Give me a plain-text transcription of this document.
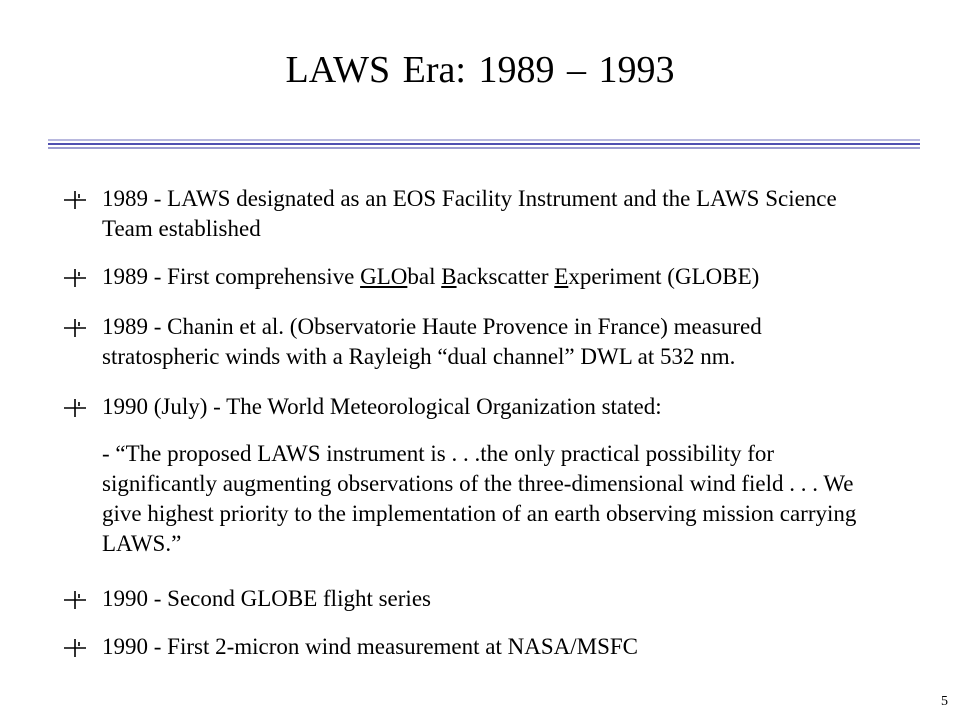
LAWS Era: 1989 – 1993
1989 - LAWS designated as an EOS Facility Instrument and the LAWS Science Team established
1989 - First comprehensive GLObal Backscatter Experiment (GLOBE)
1989 - Chanin et al. (Observatorie Haute Provence in France) measured stratospheric winds with a Rayleigh “dual channel” DWL at 532 nm.
1990 (July) - The World Meteorological Organization stated:
- “The proposed LAWS instrument is . . .the only practical possibility for significantly augmenting observations of the three-dimensional wind field . . . We give highest priority to the implementation of an earth observing mission carrying LAWS.”
1990 - Second GLOBE flight series
1990 - First 2-micron wind measurement at NASA/MSFC
5
